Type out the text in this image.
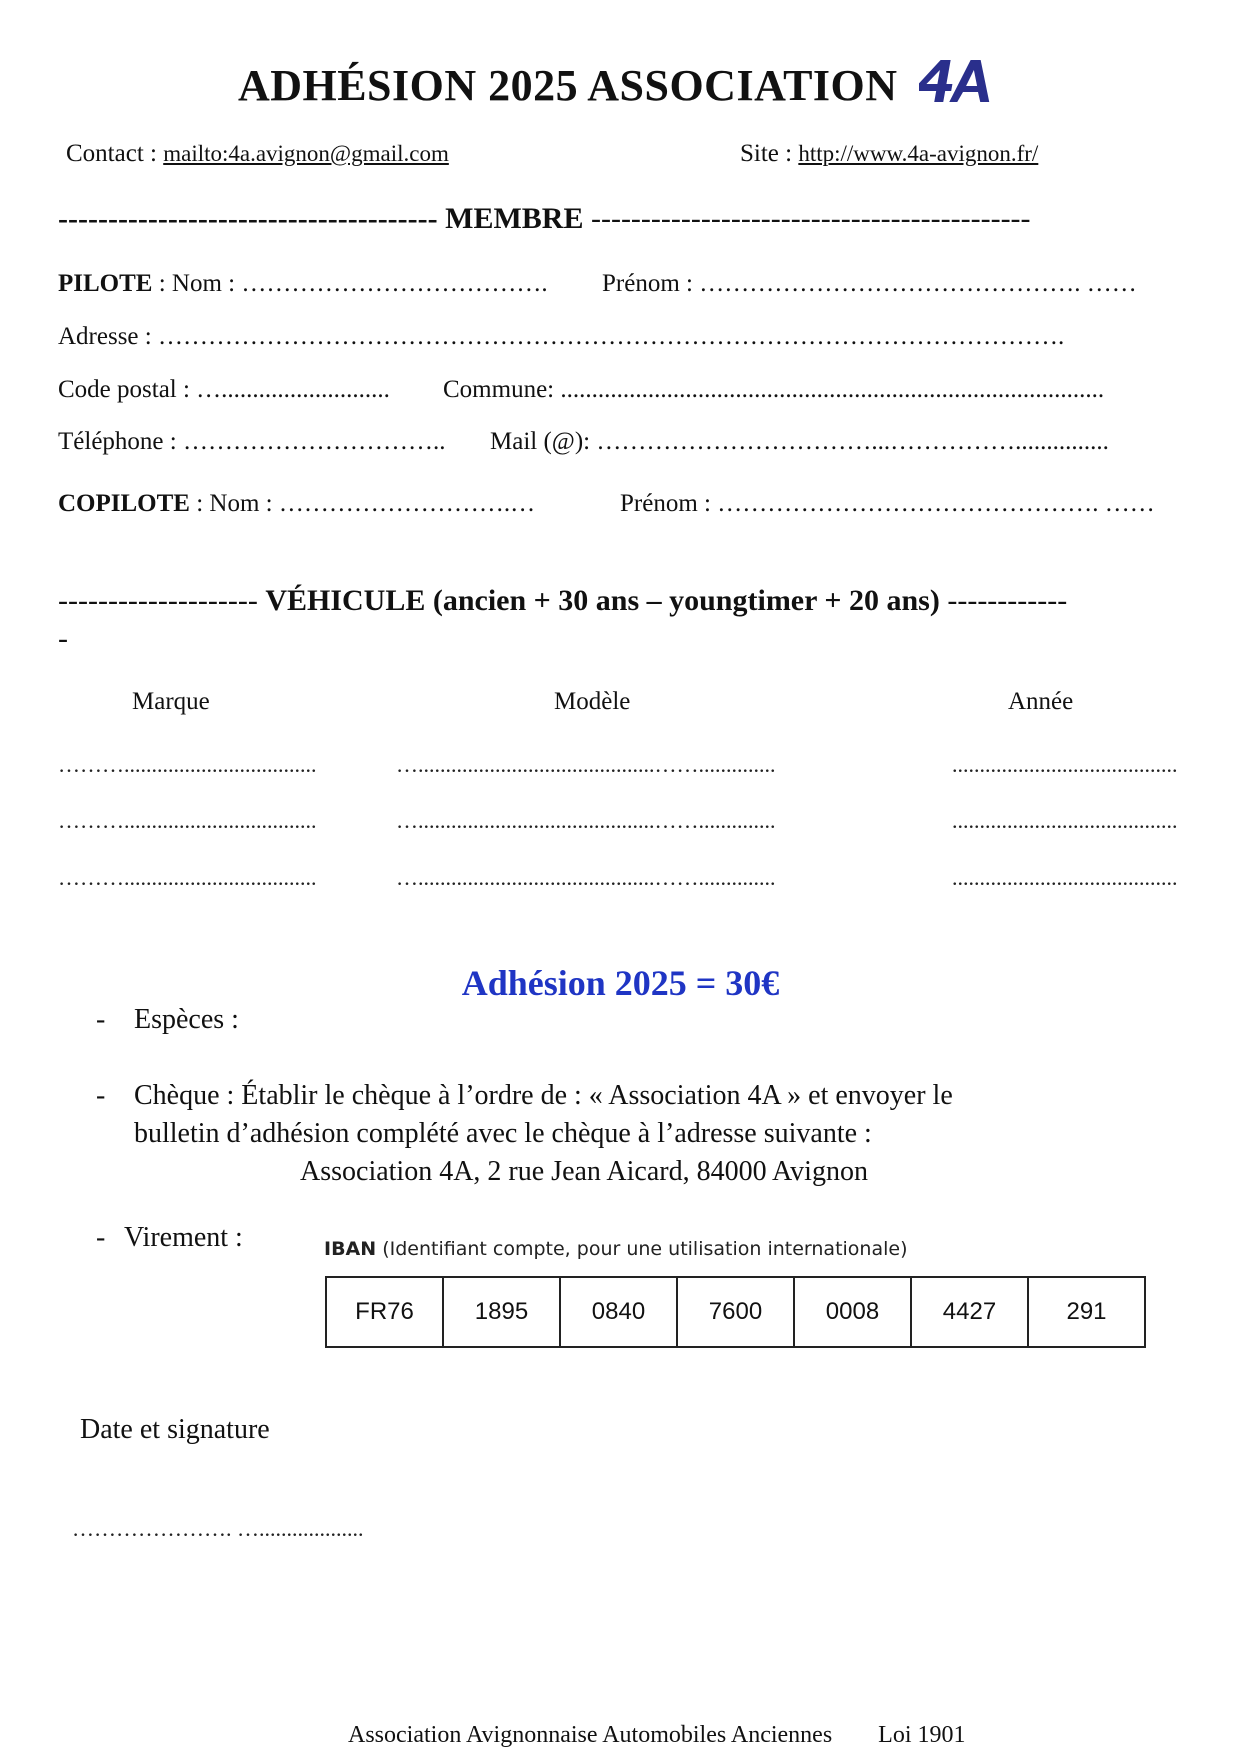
ADHÉSION 2025 ASSOCIATION
Contact : mailto:4a.avignon@gmail.com	Site : http://www.4a-avignon.fr/
-------------------------------------- MEMBRE --------------------------------------------
PILOTE : Nom : ………………………………. Prénom : ………………………………………. ……
Adresse : ……………………………………………………………………………………………….
Code postal : …........................... Commune: .......................................................................................
Téléphone : ………………………….. Mail (@): ……………………………...……………...............
COPILOTE : Nom : ……………………….…	Prénom : ………………………………………. ……
-------------------- VÉHICULE (ancien + 30 ans – youngtimer + 20 ans) ------------
-
Marque	Modèle	Année
………...................................	…...........................................……..............	.........................................
………...................................	…...........................................……..............	.........................................
………...................................	…...........................................……..............	.........................................
Adhésion 2025 = 30€
- Espèces :
- Chèque : Établir le chèque à l’ordre de : « Association 4A » et envoyer le
bulletin d’adhésion complété avec le chèque à l’adresse suivante :
Association 4A, 2 rue Jean Aicard, 84000 Avignon
- Virement :	IBAN (Identifiant compte, pour une utilisation internationale)
FR76	1895	0840	7600	0008	4427	291
Date et signature
…………………. …...................
Association Avignonnaise Automobiles Anciennes Loi 1901
